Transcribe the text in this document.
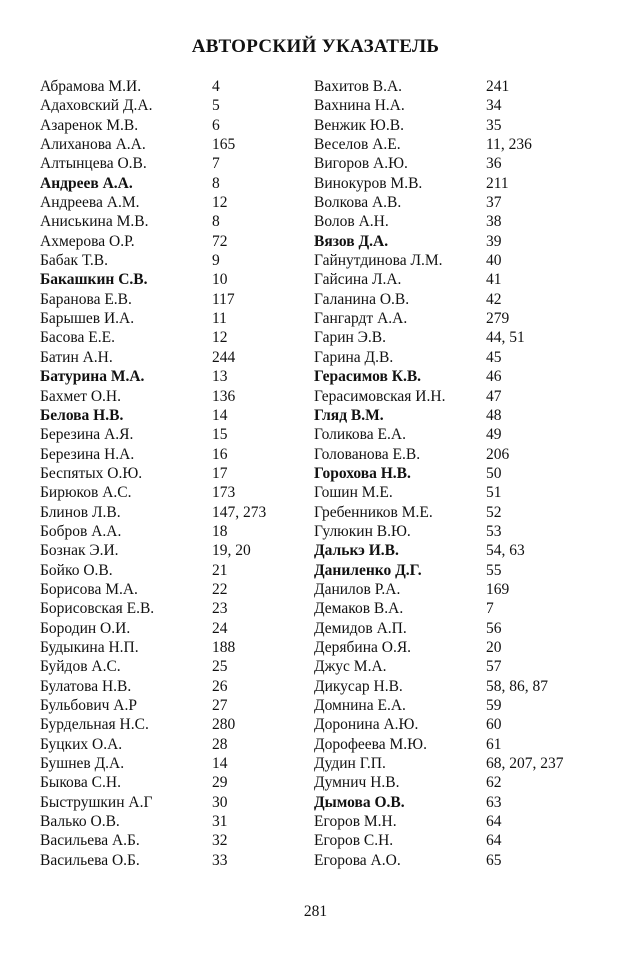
АВТОРСКИЙ УКАЗАТЕЛЬ
Абрамова М.И.	4
Адаховский Д.А.	5
Азаренок М.В.	6
Алиханова А.А.	165
Алтынцева О.В.	7
Андреев А.А.	8
Андреева А.М.	12
Аниськина М.В.	8
Ахмерова О.Р.	72
Бабак Т.В.	9
Бакашкин С.В.	10
Баранова Е.В.	117
Барышев И.А.	11
Басова Е.Е.	12
Батин А.Н.	244
Батурина М.А.	13
Бахмет О.Н.	136
Белова Н.В.	14
Березина А.Я.	15
Березина Н.А.	16
Беспятых О.Ю.	17
Бирюков А.С.	173
Блинов Л.В.	147, 273
Бобров А.А.	18
Бознак Э.И.	19, 20
Бойко О.В.	21
Борисова М.А.	22
Борисовская Е.В.	23
Бородин О.И.	24
Будыкина Н.П.	188
Буйдов А.С.	25
Булатова Н.В.	26
Бульбович А.Р	27
Бурдельная Н.С.	280
Буцких О.А.	28
Бушнев Д.А.	14
Быкова С.Н.	29
Быструшкин А.Г	30
Валько О.В.	31
Васильева А.Б.	32
Васильева О.Б.	33
Вахитов В.А.	241
Вахнина Н.А.	34
Венжик Ю.В.	35
Веселов А.Е.	11, 236
Вигоров А.Ю.	36
Винокуров М.В.	211
Волкова А.В.	37
Волов А.Н.	38
Вязов Д.А.	39
Гайнутдинова Л.М.	40
Гайсина Л.А.	41
Галанина О.В.	42
Гангардт А.А.	279
Гарин Э.В.	44, 51
Гарина Д.В.	45
Герасимов К.В.	46
Герасимовская И.Н.	47
Гляд В.М.	48
Голикова Е.А.	49
Голованова Е.В.	206
Горохова Н.В.	50
Гошин М.Е.	51
Гребенников М.Е.	52
Гулюкин В.Ю.	53
Далькэ И.В.	54, 63
Даниленко Д.Г.	55
Данилов Р.А.	169
Демаков В.А.	7
Демидов А.П.	56
Дерябина О.Я.	20
Джус М.А.	57
Дикусар Н.В.	58, 86, 87
Домнина Е.А.	59
Доронина А.Ю.	60
Дорофеева М.Ю.	61
Дудин Г.П.	68, 207, 237
Думнич Н.В.	62
Дымова О.В.	63
Егоров М.Н.	64
Егоров С.Н.	64
Егорова А.О.	65
281
